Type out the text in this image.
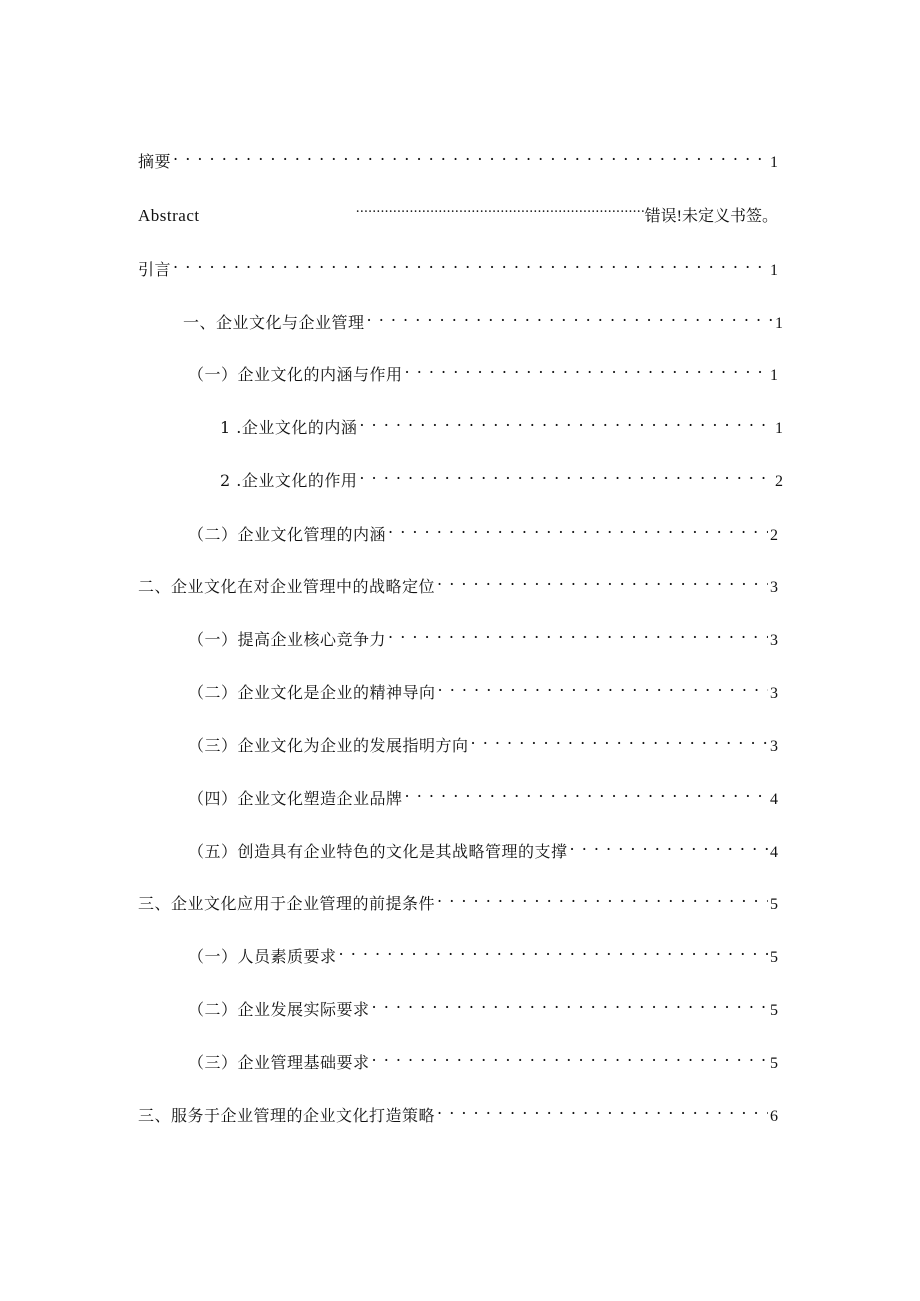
摘要 . . .	1
Abstract .....	错误!未定义书签。
引言 . . .	1
一、企业文化与企业管理 . . .	1
（一）企业文化的内涵与作用 . . .	1
1 .企业文化的内涵 . . .	1
2 .企业文化的作用 . . .	2
（二）企业文化管理的内涵 . . .	2
二、企业文化在对企业管理中的战略定位 . . .	3
（一）提高企业核心竞争力 . . .	3
（二）企业文化是企业的精神导向 . . .	3
（三）企业文化为企业的发展指明方向 . . .	3
（四）企业文化塑造企业品牌 . . .	4
（五）创造具有企业特色的文化是其战略管理的支撑 . . .	4
三、企业文化应用于企业管理的前提条件 . . .	5
（一）人员素质要求 . . .	5
（二）企业发展实际要求 . . .	5
（三）企业管理基础要求 . . .	5
三、服务于企业管理的企业文化打造策略 . . .	6
